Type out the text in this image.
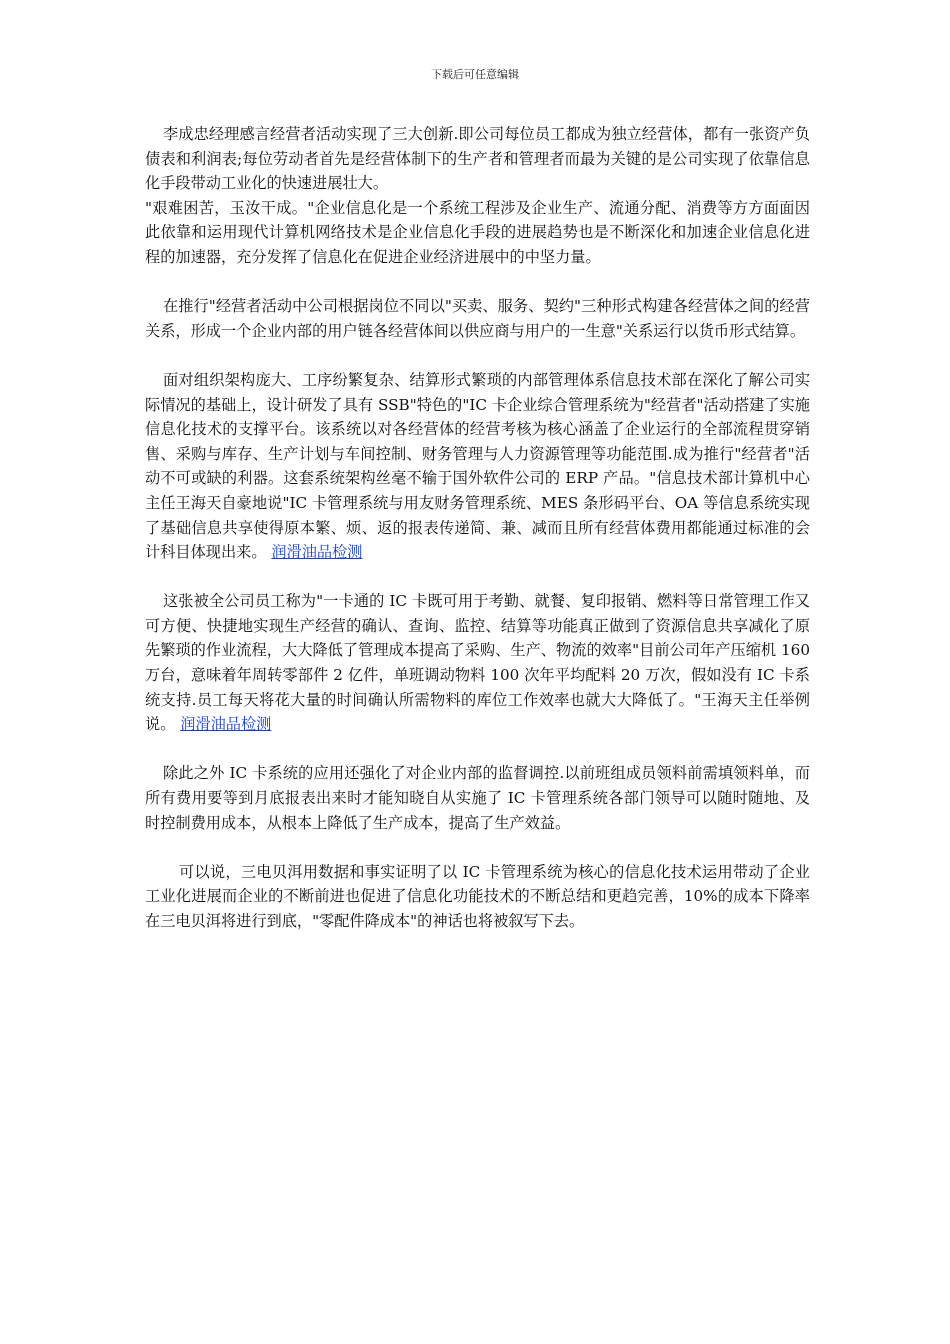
下载后可任意编辑

李成忠经理感言经营者活动实现了三大创新.即公司每位员工都成为独立经营体，都有一张资产负债表和利润表;每位劳动者首先是经营体制下的生产者和管理者而最为关键的是公司实现了依靠信息化手段带动工业化的快速进展壮大。

"艰难困苦，玉汝干成。"企业信息化是一个系统工程涉及企业生产、流通分配、消费等方方面面因此依靠和运用现代计算机网络技术是企业信息化手段的进展趋势也是不断深化和加速企业信息化进程的加速器，充分发挥了信息化在促进企业经济进展中的中坚力量。

在推行"经营者活动中公司根据岗位不同以"买卖、服务、契约"三种形式构建各经营体之间的经营关系，形成一个企业内部的用户链各经营体间以供应商与用户的一生意"关系运行以货币形式结算。

面对组织架构庞大、工序纷繁复杂、结算形式繁琐的内部管理体系信息技术部在深化了解公司实际情况的基础上，设计研发了具有 SSB"特色的"IC 卡企业综合管理系统为"经营者"活动搭建了实施信息化技术的支撑平台。该系统以对各经营体的经营考核为核心涵盖了企业运行的全部流程贯穿销售、采购与库存、生产计划与车间控制、财务管理与人力资源管理等功能范围.成为推行"经营者"活动不可或缺的利器。这套系统架构丝毫不输于国外软件公司的 ERP 产品。"信息技术部计算机中心主任王海天自豪地说"IC 卡管理系统与用友财务管理系统、MES 条形码平台、OA 等信息系统实现了基础信息共享使得原本繁、烦、返的报表传递简、兼、减而且所有经营体费用都能通过标准的会计科目体现出来。 润滑油品检测

这张被全公司员工称为"一卡通的 IC 卡既可用于考勤、就餐、复印报销、燃料等日常管理工作又可方便、快捷地实现生产经营的确认、查询、监控、结算等功能真正做到了资源信息共享减化了原先繁琐的作业流程，大大降低了管理成本提高了采购、生产、物流的效率"目前公司年产压缩机 160 万台，意味着年周转零部件 2 亿件，单班调动物料 100 次年平均配料 20 万次，假如没有 IC 卡系统支持.员工每天将花大量的时间确认所需物料的库位工作效率也就大大降低了。"王海天主任举例说。 润滑油品检测

除此之外 IC 卡系统的应用还强化了对企业内部的监督调控.以前班组成员领料前需填领料单，而所有费用要等到月底报表出来时才能知晓自从实施了 IC 卡管理系统各部门领导可以随时随地、及时控制费用成本，从根本上降低了生产成本，提高了生产效益。

可以说，三电贝洱用数据和事实证明了以 IC 卡管理系统为核心的信息化技术运用带动了企业工业化进展而企业的不断前进也促进了信息化功能技术的不断总结和更趋完善，10%的成本下降率在三电贝洱将进行到底，"零配件降成本"的神话也将被叙写下去。
